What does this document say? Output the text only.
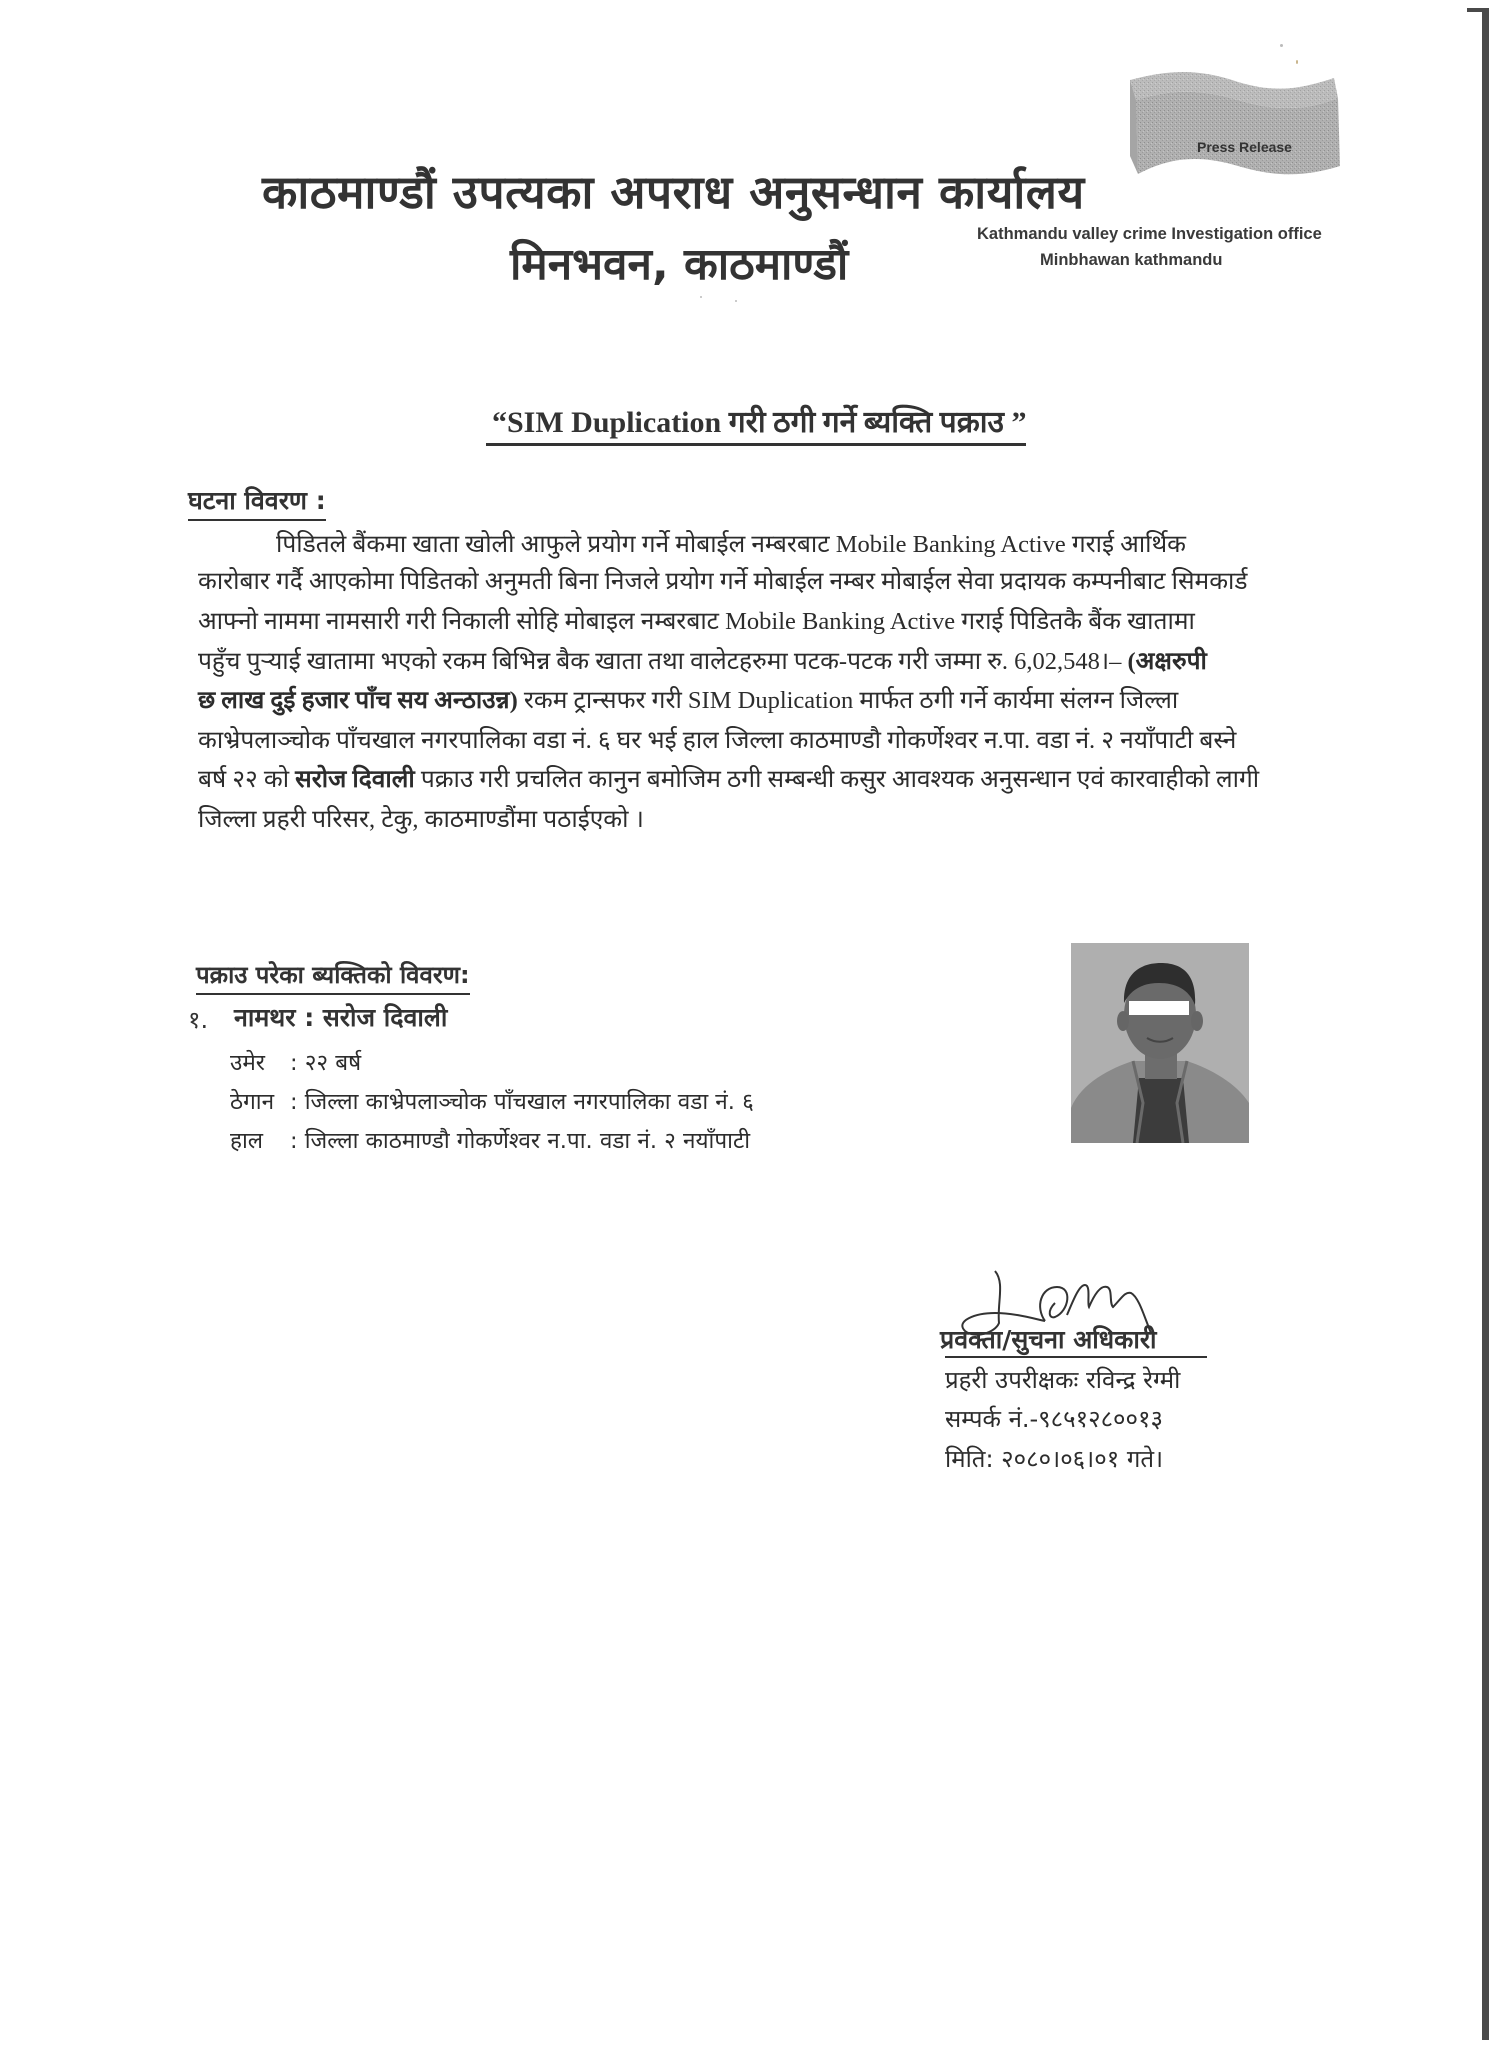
काठमाण्डौं उपत्यका अपराध अनुसन्धान कार्यालय
मिनभवन, काठमाण्डौं
Kathmandu valley crime Investigation office
Minbhawan kathmandu
Press Release
“SIM Duplication गरी ठगी गर्ने ब्यक्ति पक्राउ ”
घटना विवरण :
पिडितले बैंकमा खाता खोली आफुले प्रयोग गर्ने मोबाईल नम्बरबाट Mobile Banking Active गराई आर्थिक
कारोबार गर्दै आएकोमा पिडितको अनुमती बिना निजले प्रयोग गर्ने मोबाईल नम्बर मोबाईल सेवा प्रदायक कम्पनीबाट सिमकार्ड
आफ्नो नाममा नामसारी गरी निकाली सोहि मोबाइल नम्बरबाट Mobile Banking Active गराई पिडितकै बैंक खातामा
पहुँच पुऱ्याई खातामा भएको रकम बिभिन्न बैक खाता तथा वालेटहरुमा पटक-पटक गरी जम्मा रु. 6,02,548।– (अक्षरुपी
छ लाख दुई हजार पाँच सय अन्ठाउन्न) रकम ट्रान्सफर गरी SIM Duplication मार्फत ठगी गर्ने कार्यमा संलग्न जिल्ला
काभ्रेपलाञ्चोक पाँचखाल नगरपालिका वडा नं. ६ घर भई हाल जिल्ला काठमाण्डौ गोकर्णेश्वर न.पा. वडा नं. २ नयाँपाटी बस्ने
बर्ष २२ को सरोज दिवाली पक्राउ गरी प्रचलित कानुन बमोजिम ठगी सम्बन्धी कसुर आवश्यक अनुसन्धान एवं कारवाहीको लागी
जिल्ला प्रहरी परिसर, टेकु, काठमाण्डौंमा पठाईएको ।
पक्राउ परेका ब्यक्तिको विवरण:
१. नामथर : सरोज दिवाली
उमेर : २२ बर्ष
ठेगान : जिल्ला काभ्रेपलाञ्चोक पाँचखाल नगरपालिका वडा नं. ६
हाल : जिल्ला काठमाण्डौ गोकर्णेश्वर न.पा. वडा नं. २ नयाँपाटी
प्रवक्ता/सुचना अधिकारी
प्रहरी उपरीक्षकः रविन्द्र रेग्मी
सम्पर्क नं.-९८५१२८००१३
मिति: २०८०।०६।०१ गते।
